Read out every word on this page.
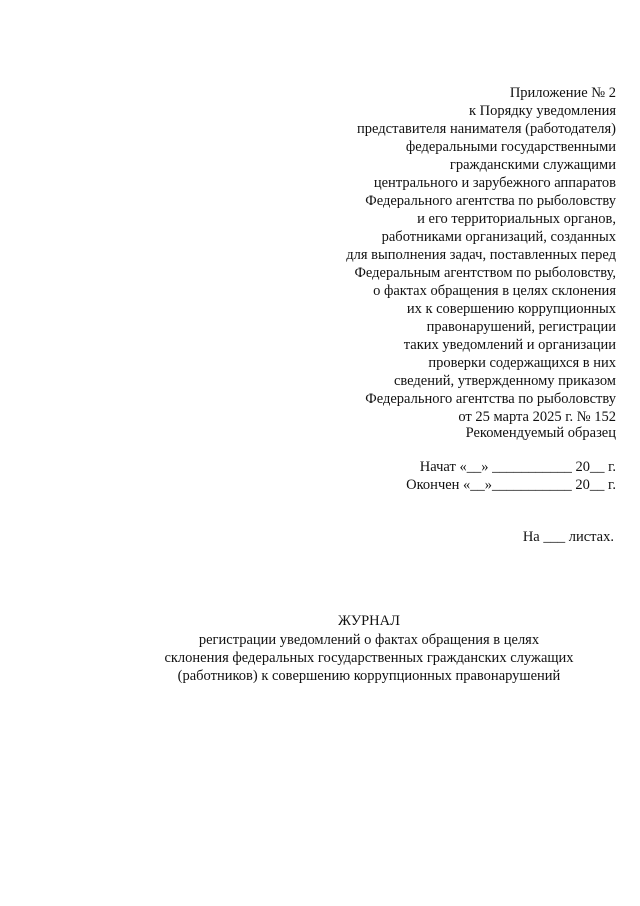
Приложение № 2
к Порядку уведомления
представителя нанимателя (работодателя)
федеральными государственными
гражданскими служащими
центрального и зарубежного аппаратов
Федерального агентства по рыболовству
и его территориальных органов,
работниками организаций, созданных
для выполнения задач, поставленных перед
Федеральным агентством по рыболовству,
о фактах обращения в целях склонения
их к совершению коррупционных
правонарушений, регистрации
таких уведомлений и организации
проверки содержащихся в них
сведений, утвержденному приказом
Федерального агентства по рыболовству
от 25 марта 2025 г. № 152
Рекомендуемый образец
Начат «__» ___________ 20__ г.
Окончен «__»___________ 20__ г.
На ___ листах.
ЖУРНАЛ
регистрации уведомлений о фактах обращения в целях
склонения федеральных государственных гражданских служащих
(работников) к совершению коррупционных правонарушений
